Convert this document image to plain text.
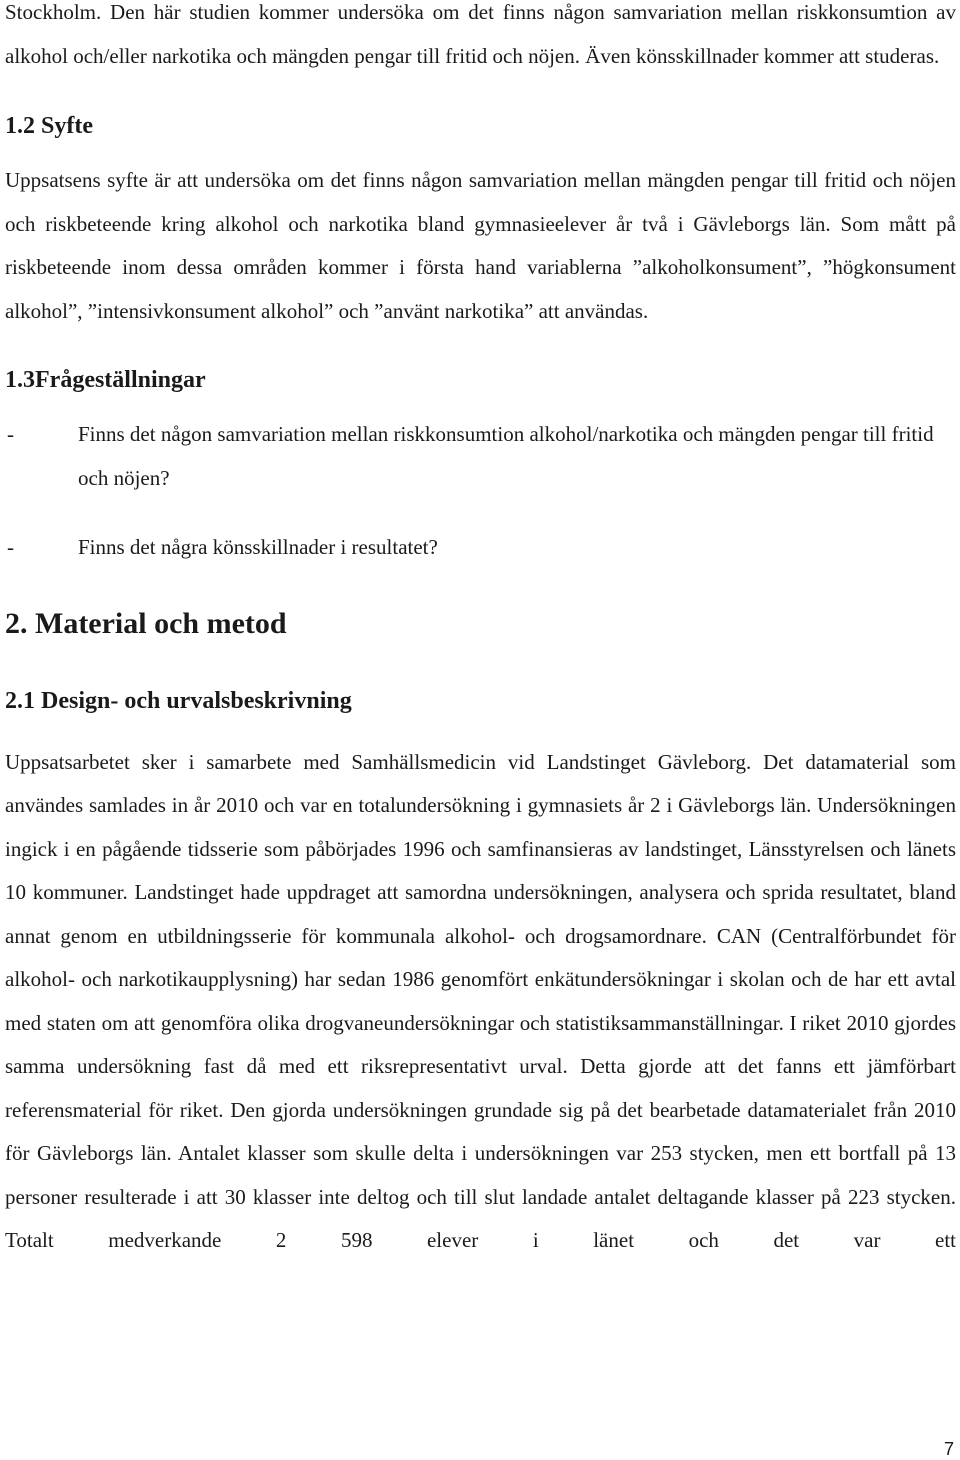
Stockholm. Den här studien kommer undersöka om det finns någon samvariation mellan riskkonsumtion av alkohol och/eller narkotika och mängden pengar till fritid och nöjen. Även könsskillnader kommer att studeras.

1.2 Syfte

Uppsatsens syfte är att undersöka om det finns någon samvariation mellan mängden pengar till fritid och nöjen och riskbeteende kring alkohol och narkotika bland gymnasieelever år två i Gävleborgs län. Som mått på riskbeteende inom dessa områden kommer i första hand variablerna ”alkoholkonsument”, ”högkonsument alkohol”, ”intensivkonsument alkohol” och ”använt narkotika” att användas.

1.3Frågeställningar

-	Finns det någon samvariation mellan riskkonsumtion alkohol/narkotika och mängden pengar till fritid och nöjen?

-	Finns det några könsskillnader i resultatet?

2. Material och metod
2.1 Design- och urvalsbeskrivning

Uppsatsarbetet sker i samarbete med Samhällsmedicin vid Landstinget Gävleborg. Det datamaterial som användes samlades in år 2010 och var en totalundersökning i gymnasiets år 2 i Gävleborgs län. Undersökningen ingick i en pågående tidsserie som påbörjades 1996 och samfinansieras av landstinget, Länsstyrelsen och länets 10 kommuner. Landstinget hade uppdraget att samordna undersökningen, analysera och sprida resultatet, bland annat genom en utbildningsserie för kommunala alkohol- och drogsamordnare. CAN (Centralförbundet för alkohol- och narkotikaupplysning) har sedan 1986 genomfört enkätundersökningar i skolan och de har ett avtal med staten om att genomföra olika drogvaneundersökningar och statistiksammanställningar. I riket 2010 gjordes samma undersökning fast då med ett riksrepresentativt urval. Detta gjorde att det fanns ett jämförbart referensmaterial för riket. Den gjorda undersökningen grundade sig på det bearbetade datamaterialet från 2010 för Gävleborgs län. Antalet klasser som skulle delta i undersökningen var 253 stycken, men ett bortfall på 13 personer resulterade i att 30 klasser inte deltog och till slut landade antalet deltagande klasser på 223 stycken. Totalt medverkande 2 598 elever i länet och det var ett

7
